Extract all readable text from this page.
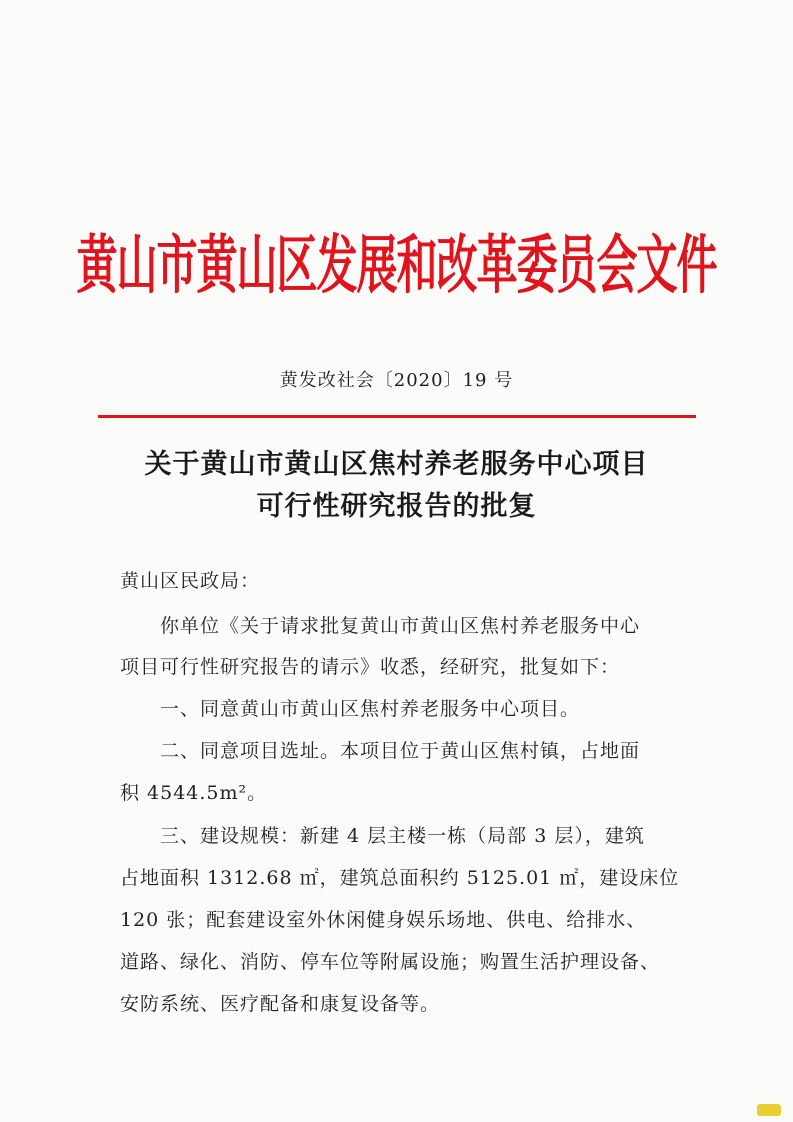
黄山市黄山区发展和改革委员会文件
黄发改社会〔2020〕19 号
关于黄山市黄山区焦村养老服务中心项目
可行性研究报告的批复
黄山区民政局：
你单位《关于请求批复黄山市黄山区焦村养老服务中心
项目可行性研究报告的请示》收悉，经研究，批复如下：
一、同意黄山市黄山区焦村养老服务中心项目。
二、同意项目选址。本项目位于黄山区焦村镇，占地面
积 4544.5m²。
三、建设规模：新建 4 层主楼一栋（局部 3 层），建筑
占地面积 1312.68 ㎡，建筑总面积约 5125.01 ㎡，建设床位
120 张；配套建设室外休闲健身娱乐场地、供电、给排水、
道路、绿化、消防、停车位等附属设施；购置生活护理设备、
安防系统、医疗配备和康复设备等。
